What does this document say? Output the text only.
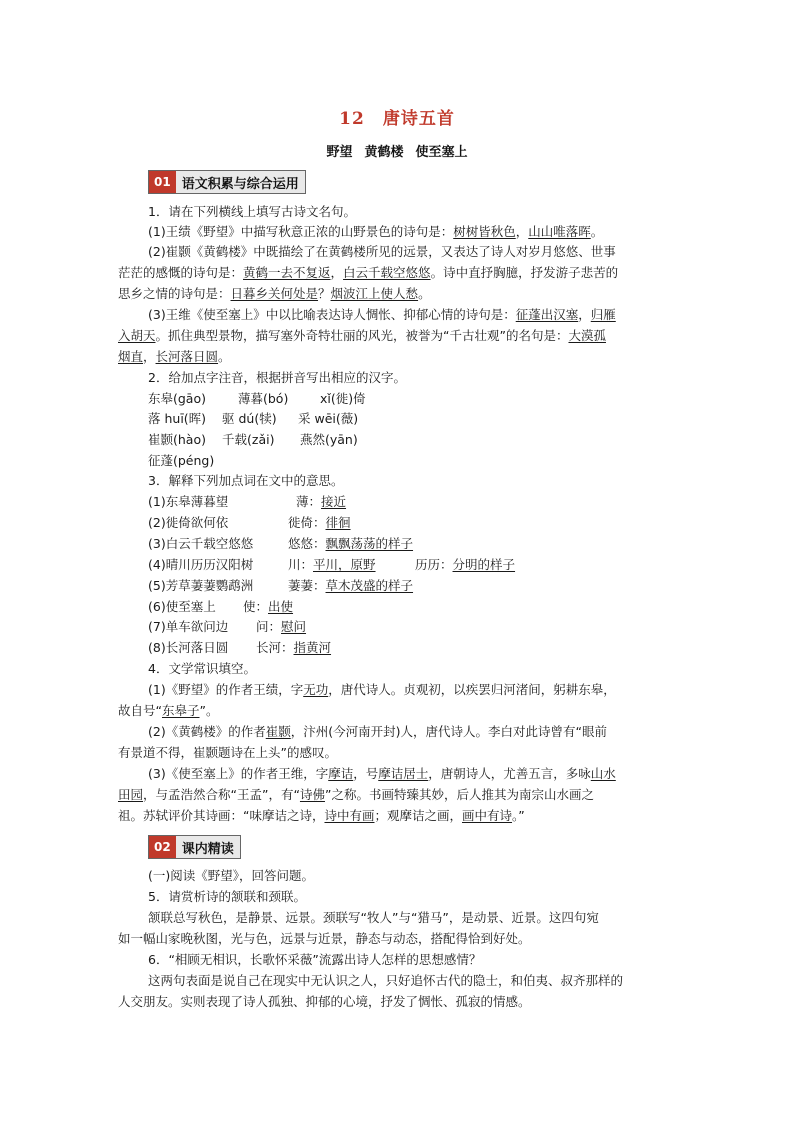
12　唐诗五首
野望 黄鹤楼 使至塞上
01 语文积累与综合运用
1．请在下列横线上填写古诗文名句。
(1)王绩《野望》中描写秋意正浓的山野景色的诗句是：树树皆秋色，山山唯落晖。
(2)崔颢《黄鹤楼》中既描绘了在黄鹤楼所见的远景，又表达了诗人对岁月悠悠、世事
茫茫的感慨的诗句是：黄鹤一去不复返，白云千载空悠悠。诗中直抒胸臆，抒发游子悲苦的
思乡之情的诗句是：日暮乡关何处是？烟波江上使人愁。
(3)王维《使至塞上》中以比喻表达诗人惆怅、抑郁心情的诗句是：征蓬出汉塞，归雁
入胡天。抓住典型景物，描写塞外奇特壮丽的风光，被誉为“千古壮观”的名句是：大漠孤
烟直，长河落日圆。
2．给加点字注音，根据拼音写出相应的汉字。
东皋(gāo)	薄暮(bó)	xǐ(徙)倚
落 huī(晖) 驱 dú(犊) 采 wēi(薇)
崔颢(hào) 千载(zǎi) 燕然(yān)
征蓬(péng)
3．解释下列加点词在文中的意思。
(1)东皋薄暮望	薄：接近
(2)徙倚欲何依	徙倚：徘徊
(3)白云千载空悠悠	悠悠：飘飘荡荡的样子
(4)晴川历历汉阳树	川：平川，原野	历历：分明的样子
(5)芳草萋萋鹦鹉洲	萋萋：草木茂盛的样子
(6)使至塞上 使：出使
(7)单车欲问边 问：慰问
(8)长河落日圆 长河：指黄河
4．文学常识填空。
(1)《野望》的作者王绩，字无功，唐代诗人。贞观初，以疾罢归河渚间，躬耕东皋，
故自号“东皋子”。
(2)《黄鹤楼》的作者崔颢，汴州(今河南开封)人，唐代诗人。李白对此诗曾有“眼前
有景道不得，崔颢题诗在上头”的感叹。
(3)《使至塞上》的作者王维，字摩诘，号摩诘居士，唐朝诗人，尤善五言，多咏山水
田园，与孟浩然合称“王孟”，有“诗佛”之称。书画特臻其妙，后人推其为南宗山水画之
祖。苏轼评价其诗画：“味摩诘之诗，诗中有画；观摩诘之画，画中有诗。”
02 课内精读
(一)阅读《野望》，回答问题。
5．请赏析诗的颔联和颈联。
颔联总写秋色，是静景、远景。颈联写“牧人”与“猎马”，是动景、近景。这四句宛
如一幅山家晚秋图，光与色，远景与近景，静态与动态，搭配得恰到好处。
6．“相顾无相识，长歌怀采薇”流露出诗人怎样的思想感情？
这两句表面是说自己在现实中无认识之人，只好追怀古代的隐士，和伯夷、叔齐那样的
人交朋友。实则表现了诗人孤独、抑郁的心境，抒发了惆怅、孤寂的情感。
